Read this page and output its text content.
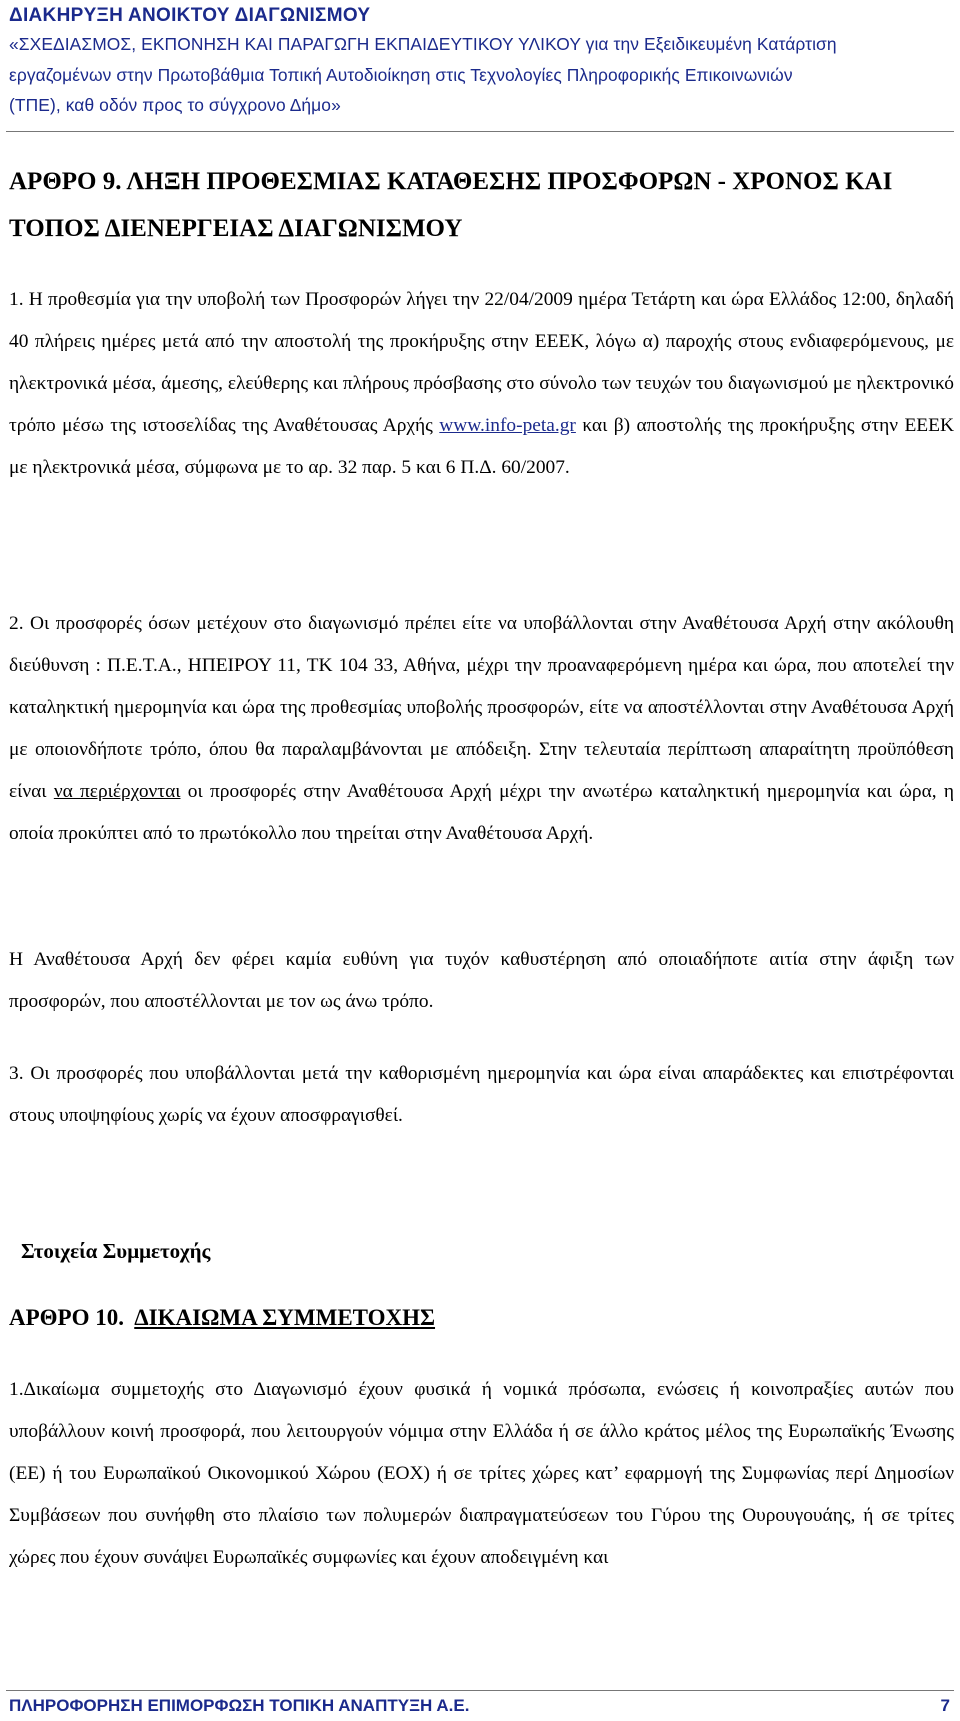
ΔΙΑΚΗΡΥΞΗ ΑΝΟΙΚΤΟΥ ΔΙΑΓΩΝΙΣΜΟΥ
«ΣΧΕΔΙΑΣΜΟΣ, ΕΚΠΟΝΗΣΗ ΚΑΙ ΠΑΡΑΓΩΓΗ ΕΚΠΑΙΔΕΥΤΙΚΟΥ ΥΛΙΚΟΥ για την Εξειδικευμένη Κατάρτιση
εργαζομένων στην Πρωτοβάθμια Τοπική Αυτοδιοίκηση στις Τεχνολογίες Πληροφορικής Επικοινωνιών
(ΤΠΕ), καθ οδόν προς το σύγχρονο Δήμο»
ΑΡΘΡΟ 9. ΛΗΞΗ ΠΡΟΘΕΣΜΙΑΣ ΚΑΤΑΘΕΣΗΣ ΠΡΟΣΦΟΡΩΝ - ΧΡΟΝΟΣ ΚΑΙ ΤΟΠΟΣ ΔΙΕΝΕΡΓΕΙΑΣ ΔΙΑΓΩΝΙΣΜΟΥ
1. Η προθεσμία για την υποβολή των Προσφορών λήγει την 22/04/2009 ημέρα Τετάρτη και ώρα Ελλάδος 12:00, δηλαδή 40 πλήρεις ημέρες μετά από την αποστολή της προκήρυξης στην ΕΕΕΚ, λόγω α) παροχής στους ενδιαφερόμενους, με ηλεκτρονικά μέσα, άμεσης, ελεύθερης και πλήρους πρόσβασης στο σύνολο των τευχών του διαγωνισμού με ηλεκτρονικό τρόπο μέσω της ιστοσελίδας της Αναθέτουσας Αρχής www.info-peta.gr και β) αποστολής της προκήρυξης στην ΕΕΕΚ με ηλεκτρονικά μέσα, σύμφωνα με το αρ. 32 παρ. 5 και 6 Π.Δ. 60/2007.
2. Οι προσφορές όσων μετέχουν στο διαγωνισμό πρέπει είτε να υποβάλλονται στην Αναθέτουσα Αρχή στην ακόλουθη διεύθυνση : Π.Ε.Τ.Α., ΗΠΕΙΡΟΥ 11, ΤΚ 104 33, Αθήνα, μέχρι την προαναφερόμενη ημέρα και ώρα, που αποτελεί την καταληκτική ημερομηνία και ώρα της προθεσμίας υποβολής προσφορών, είτε να αποστέλλονται στην Αναθέτουσα Αρχή με οποιονδήποτε τρόπο, όπου θα παραλαμβάνονται με απόδειξη. Στην τελευταία περίπτωση απαραίτητη προϋπόθεση είναι να περιέρχονται οι προσφορές στην Αναθέτουσα Αρχή μέχρι την ανωτέρω καταληκτική ημερομηνία και ώρα, η οποία προκύπτει από το πρωτόκολλο που τηρείται στην Αναθέτουσα Αρχή.
Η Αναθέτουσα Αρχή δεν φέρει καμία ευθύνη για τυχόν καθυστέρηση από οποιαδήποτε αιτία στην άφιξη των προσφορών, που αποστέλλονται με τον ως άνω τρόπο.
3. Οι προσφορές που υποβάλλονται μετά την καθορισμένη ημερομηνία και ώρα είναι απαράδεκτες και επιστρέφονται στους υποψηφίους χωρίς να έχουν αποσφραγισθεί.
Στοιχεία Συμμετοχής
ΑΡΘΡΟ 10. ΔΙΚΑΙΩΜΑ ΣΥΜΜΕΤΟΧΗΣ
1.Δικαίωμα συμμετοχής στο Διαγωνισμό έχουν φυσικά ή νομικά πρόσωπα, ενώσεις ή κοινοπραξίες αυτών που υποβάλλουν κοινή προσφορά, που λειτουργούν νόμιμα στην Ελλάδα ή σε άλλο κράτος μέλος της Ευρωπαϊκής Ένωσης (ΕΕ) ή του Ευρωπαϊκού Οικονομικού Χώρου (ΕΟΧ) ή σε τρίτες χώρες κατ’ εφαρμογή της Συμφωνίας περί Δημοσίων Συμβάσεων που συνήφθη στο πλαίσιο των πολυμερών διαπραγματεύσεων του Γύρου της Ουρουγουάης, ή σε τρίτες χώρες που έχουν συνάψει Ευρωπαϊκές συμφωνίες και έχουν αποδειγμένη και
ΠΛΗΡΟΦΟΡΗΣΗ ΕΠΙΜΟΡΦΩΣΗ ΤΟΠΙΚΗ ΑΝΑΠΤΥΞΗ Α.Ε.	7
